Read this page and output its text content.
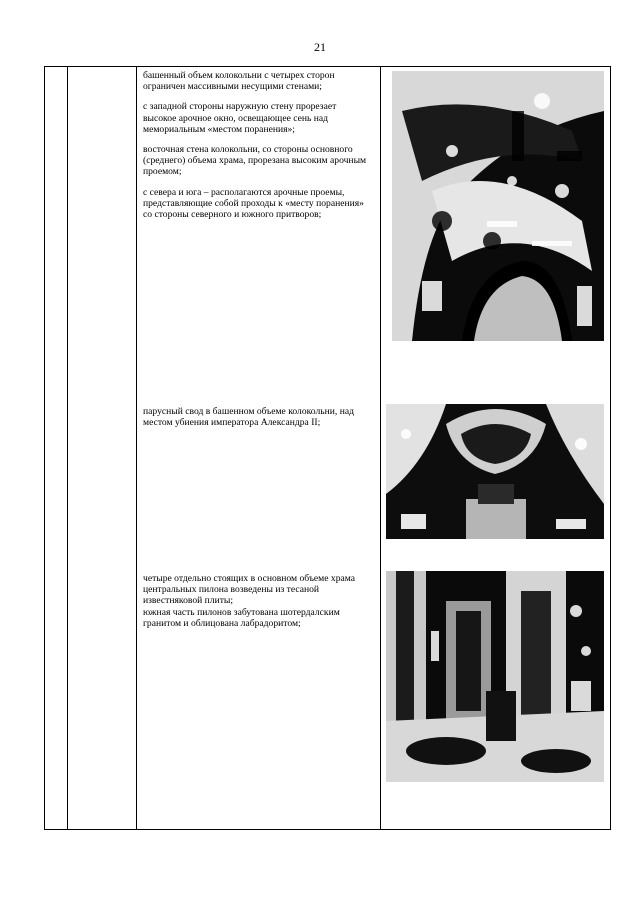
21

башенный объем колокольни с четырех сторон ограничен массивными несущими стенами;

с западной стороны наружную стену прорезает высокое арочное окно, освещающее сень над мемориальным «местом поранения»;

восточная стена колокольни, со стороны основного (среднего) объема храма, прорезана высоким арочным проемом;

с севера и юга – располагаются арочные проемы, представляющие собой проходы к «месту поранения» со стороны северного и южного притворов;

парусный свод в башенном объеме колокольни, над местом убиения императора Александра II;

четыре отдельно стоящих в основном объеме храма центральных пилона возведены из тесаной известняковой плиты;
южная часть пилонов забутована шотердалским гранитом и облицована лабрадоритом;
